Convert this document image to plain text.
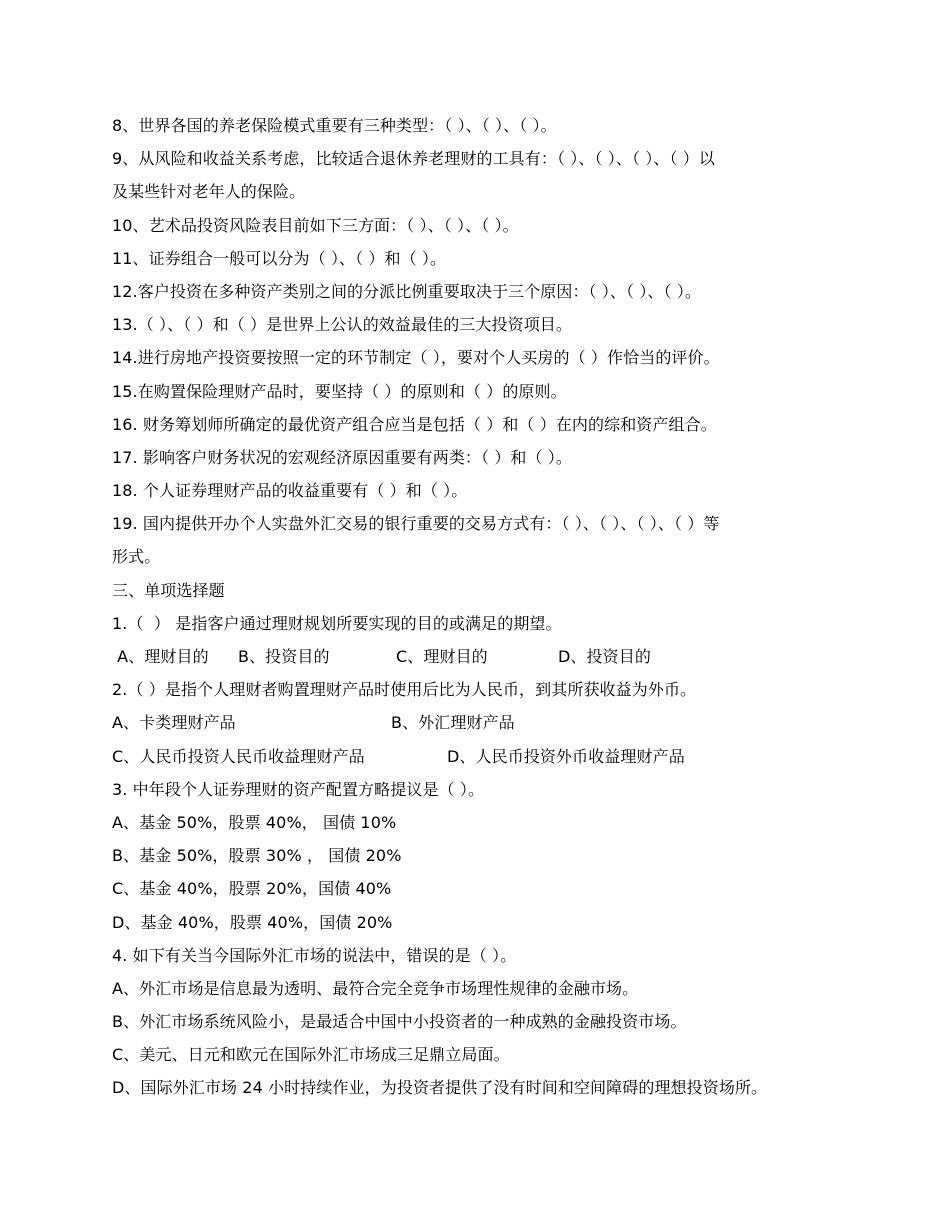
8、世界各国的养老保险模式重要有三种类型：（ ）、（ ）、（ ）。
9、从风险和收益关系考虑，比较适合退休养老理财的工具有：（ ）、（ ）、（ ）、（ ）以
及某些针对老年人的保险。
10、艺术品投资风险表目前如下三方面：（ ）、（ ）、（ ）。
11、证券组合一般可以分为（ ）、（ ）和（ ）。
12.客户投资在多种资产类别之间的分派比例重要取决于三个原因：（ ）、（ ）、（ ）。
13.（ ）、（ ）和（ ）是世界上公认的效益最佳的三大投资项目。
14.进行房地产投资要按照一定的环节制定（ ），要对个人买房的（ ）作恰当的评价。
15.在购置保险理财产品时，要坚持（ ）的原则和（ ）的原则。
16. 财务筹划师所确定的最优资产组合应当是包括（ ）和（ ）在内的综和资产组合。
17. 影响客户财务状况的宏观经济原因重要有两类：（ ）和（ ）。
18. 个人证券理财产品的收益重要有（ ）和（ ）。
19. 国内提供开办个人实盘外汇交易的银行重要的交易方式有：（ ）、（ ）、（ ）、（ ）等
形式。
三、单项选择题
1.（  ） 是指客户通过理财规划所要实现的目的或满足的期望。
A、理财目的	B、投资目的	C、理财目的	D、投资目的
2.（ ）是指个人理财者购置理财产品时使用后比为人民币，到其所获收益为外币。
A、卡类理财产品	B、外汇理财产品
C、人民币投资人民币收益理财产品	D、人民币投资外币收益理财产品
3. 中年段个人证券理财的资产配置方略提议是（ ）。
A、基金 50%，股票 40%， 国债 10%
B、基金 50%，股票 30% ， 国债 20%
C、基金 40%，股票 20%，国债 40%
D、基金 40%，股票 40%，国债 20%
4. 如下有关当今国际外汇市场的说法中，错误的是（ ）。
A、外汇市场是信息最为透明、最符合完全竞争市场理性规律的金融市场。
B、外汇市场系统风险小，是最适合中国中小投资者的一种成熟的金融投资市场。
C、美元、日元和欧元在国际外汇市场成三足鼎立局面。
D、国际外汇市场 24 小时持续作业，为投资者提供了没有时间和空间障碍的理想投资场所。
